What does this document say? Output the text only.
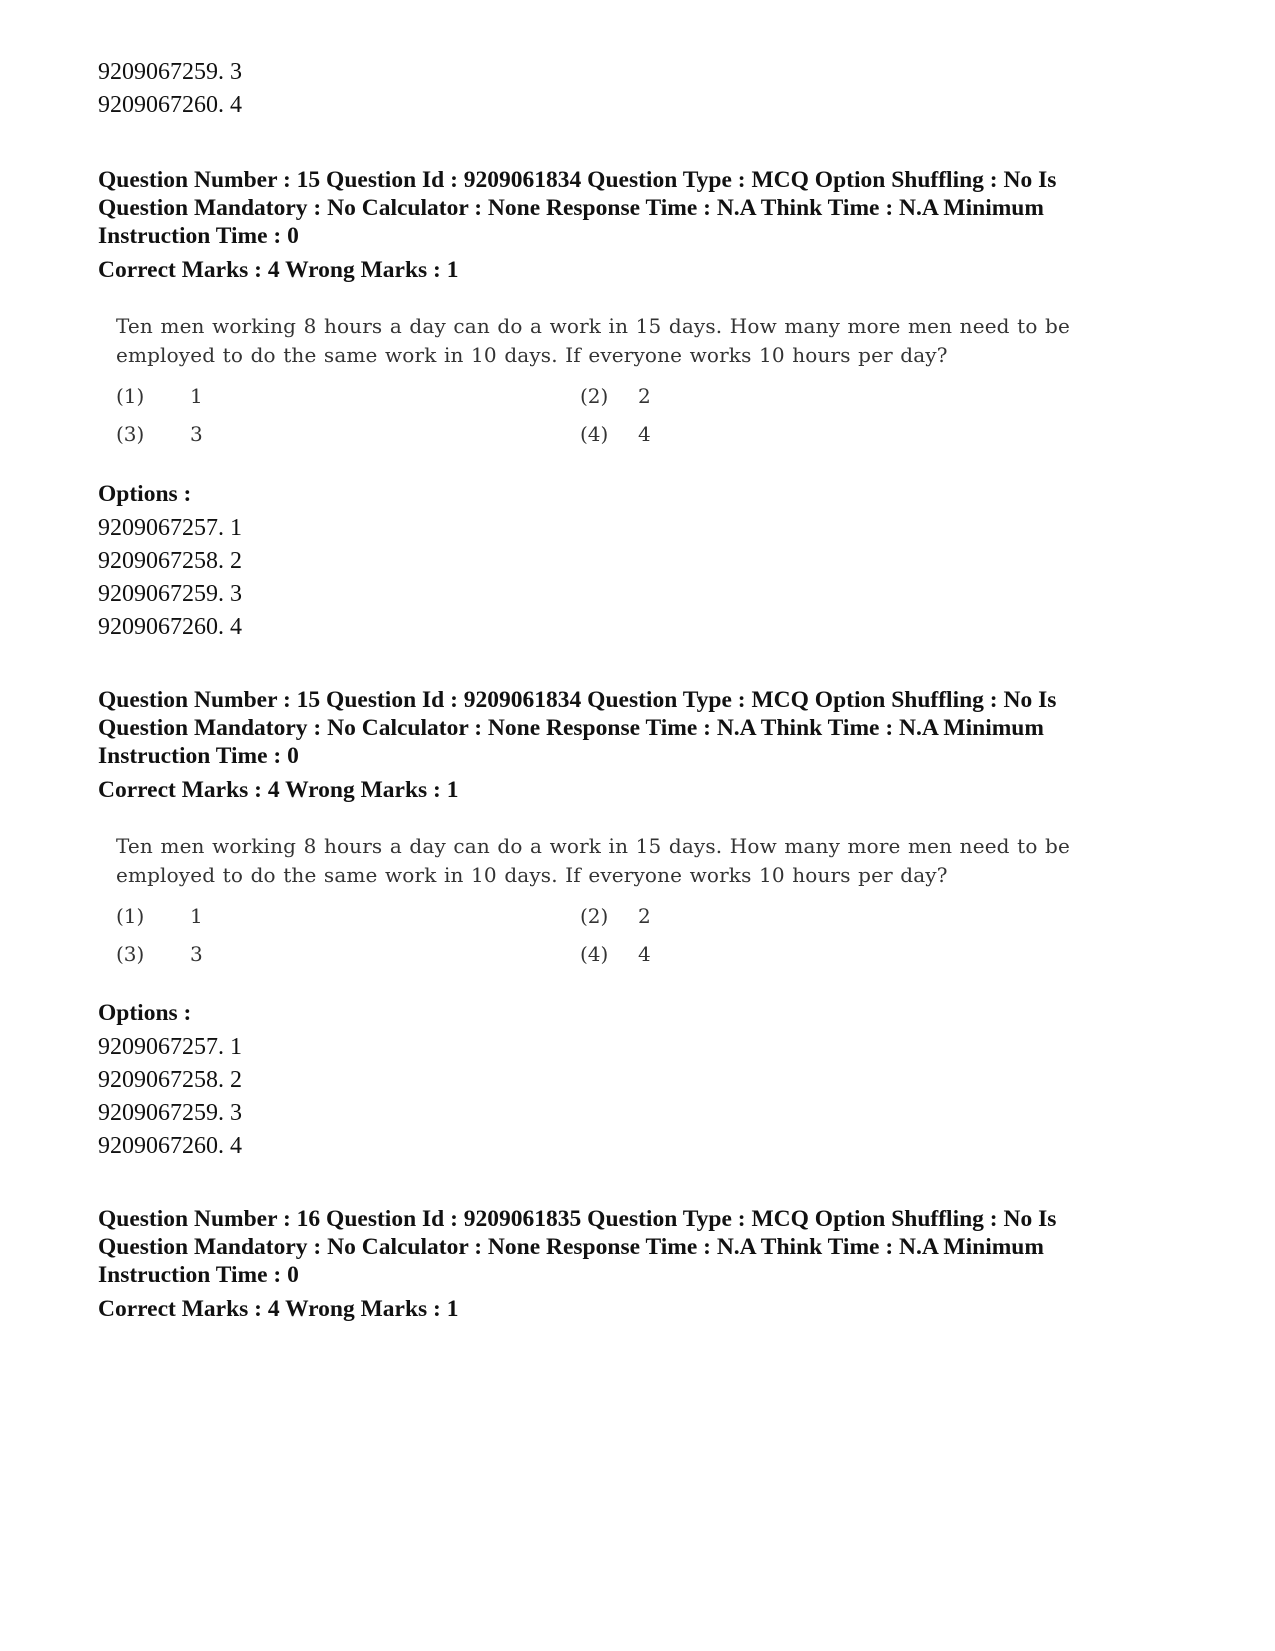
9209067259. 3
9209067260. 4
Question Number : 15 Question Id : 9209061834 Question Type : MCQ Option Shuffling : No Is Question Mandatory : No Calculator : None Response Time : N.A Think Time : N.A Minimum Instruction Time : 0
Correct Marks : 4 Wrong Marks : 1
Ten men working 8 hours a day can do a work in 15 days. How many more men need to be employed to do the same work in 10 days. If everyone works 10 hours per day?
(1) 1	(2) 2
(3) 3	(4) 4
Options :
9209067257. 1
9209067258. 2
9209067259. 3
9209067260. 4
Question Number : 15 Question Id : 9209061834 Question Type : MCQ Option Shuffling : No Is Question Mandatory : No Calculator : None Response Time : N.A Think Time : N.A Minimum Instruction Time : 0
Correct Marks : 4 Wrong Marks : 1
Ten men working 8 hours a day can do a work in 15 days. How many more men need to be employed to do the same work in 10 days. If everyone works 10 hours per day?
(1) 1	(2) 2
(3) 3	(4) 4
Options :
9209067257. 1
9209067258. 2
9209067259. 3
9209067260. 4
Question Number : 16 Question Id : 9209061835 Question Type : MCQ Option Shuffling : No Is Question Mandatory : No Calculator : None Response Time : N.A Think Time : N.A Minimum Instruction Time : 0
Correct Marks : 4 Wrong Marks : 1
